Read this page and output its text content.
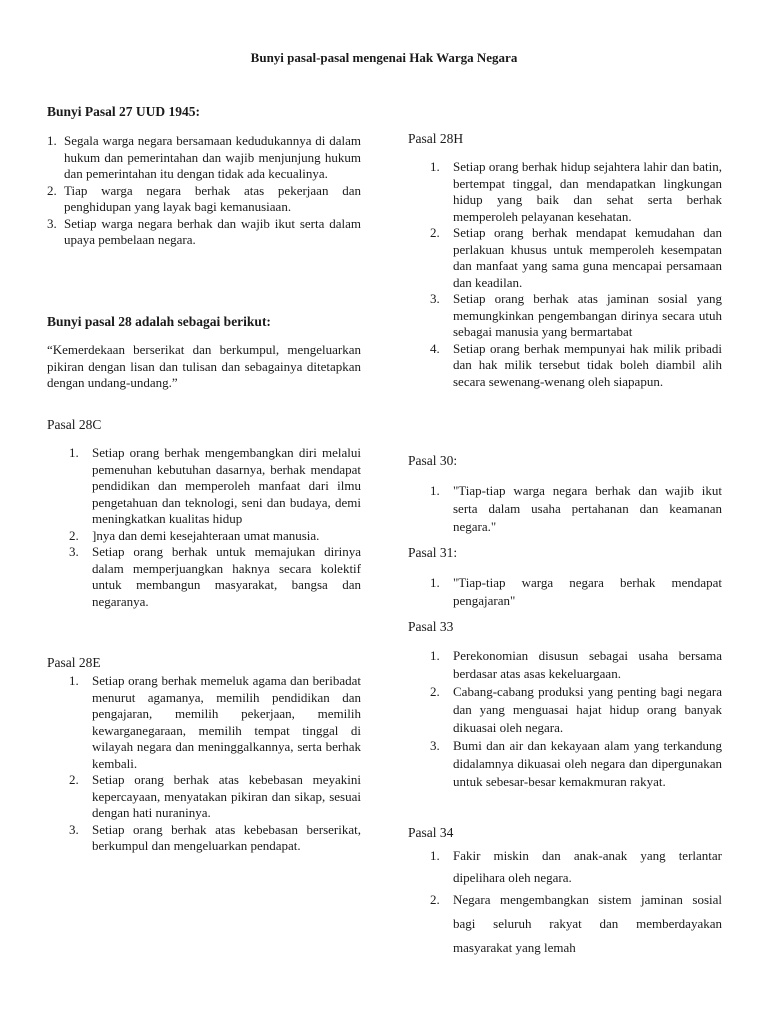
Bunyi pasal-pasal mengenai Hak Warga Negara
Bunyi Pasal 27 UUD 1945:
1. Segala warga negara bersamaan kedudukannya di dalam hukum dan pemerintahan dan wajib menjunjung hukum dan pemerintahan itu dengan tidak ada kecualinya.
2. Tiap warga negara berhak atas pekerjaan dan penghidupan yang layak bagi kemanusiaan.
3. Setiap warga negara berhak dan wajib ikut serta dalam upaya pembelaan negara.
Bunyi pasal 28 adalah sebagai berikut:
“Kemerdekaan berserikat dan berkumpul, mengeluarkan pikiran dengan lisan dan tulisan dan sebagainya ditetapkan dengan undang-undang.”
Pasal 28C
1. Setiap orang berhak mengembangkan diri melalui pemenuhan kebutuhan dasarnya, berhak mendapat pendidikan dan memperoleh manfaat dari ilmu pengetahuan dan teknologi, seni dan budaya, demi meningkatkan kualitas hidup
2. ]nya dan demi kesejahteraan umat manusia.
3. Setiap orang berhak untuk memajukan dirinya dalam memperjuangkan haknya secara kolektif untuk membangun masyarakat, bangsa dan negaranya.
Pasal 28E
1. Setiap orang berhak memeluk agama dan beribadat menurut agamanya, memilih pendidikan dan pengajaran, memilih pekerjaan, memilih kewarganegaraan, memilih tempat tinggal di wilayah negara dan meninggalkannya, serta berhak kembali.
2. Setiap orang berhak atas kebebasan meyakini kepercayaan, menyatakan pikiran dan sikap, sesuai dengan hati nuraninya.
3. Setiap orang berhak atas kebebasan berserikat, berkumpul dan mengeluarkan pendapat.
Pasal 28H
1. Setiap orang berhak hidup sejahtera lahir dan batin, bertempat tinggal, dan mendapatkan lingkungan hidup yang baik dan sehat serta berhak memperoleh pelayanan kesehatan.
2. Setiap orang berhak mendapat kemudahan dan perlakuan khusus untuk memperoleh kesempatan dan manfaat yang sama guna mencapai persamaan dan keadilan.
3. Setiap orang berhak atas jaminan sosial yang memungkinkan pengembangan dirinya secara utuh sebagai manusia yang bermartabat
4. Setiap orang berhak mempunyai hak milik pribadi dan hak milik tersebut tidak boleh diambil alih secara sewenang-wenang oleh siapapun.
Pasal 30:
1. "Tiap-tiap warga negara berhak dan wajib ikut serta dalam usaha pertahanan dan keamanan negara."
Pasal 31:
1. "Tiap-tiap warga negara berhak mendapat pengajaran"
Pasal 33
1. Perekonomian disusun sebagai usaha bersama berdasar atas asas kekeluargaan.
2. Cabang-cabang produksi yang penting bagi negara dan yang menguasai hajat hidup orang banyak dikuasai oleh negara.
3. Bumi dan air dan kekayaan alam yang terkandung didalamnya dikuasai oleh negara dan dipergunakan untuk sebesar-besar kemakmuran rakyat.
Pasal 34
1. Fakir miskin dan anak-anak yang terlantar dipelihara oleh negara.
2. Negara mengembangkan sistem jaminan sosial bagi seluruh rakyat dan memberdayakan masyarakat yang lemah
